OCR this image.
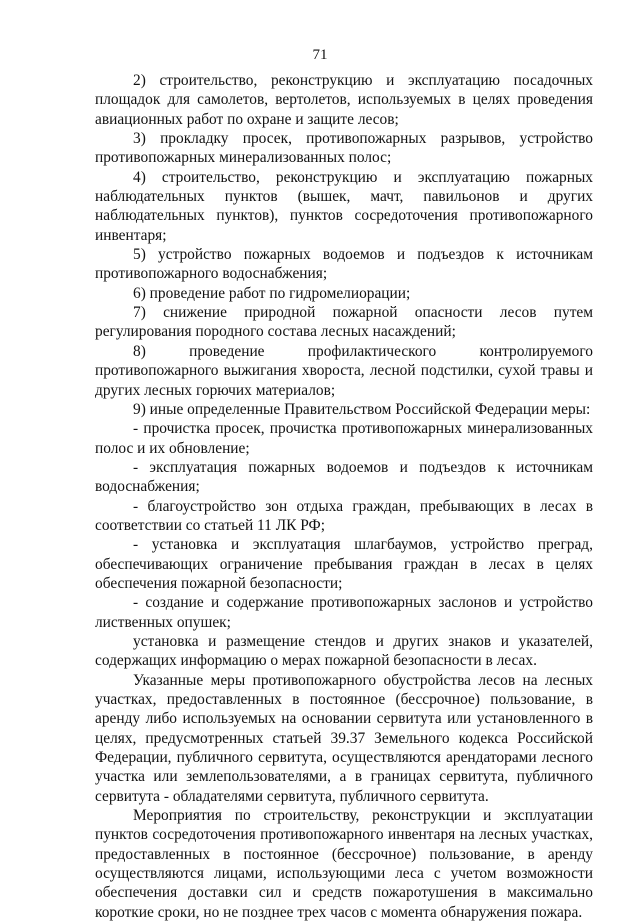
71

2) строительство, реконструкцию и эксплуатацию посадочных площадок для самолетов, вертолетов, используемых в целях проведения авиационных работ по охране и защите лесов;

3) прокладку просек, противопожарных разрывов, устройство противопожарных минерализованных полос;

4) строительство, реконструкцию и эксплуатацию пожарных наблюдательных пунктов (вышек, мачт, павильонов и других наблюдательных пунктов), пунктов сосредоточения противопожарного инвентаря;

5) устройство пожарных водоемов и подъездов к источникам противопожарного водоснабжения;

6) проведение работ по гидромелиорации;

7) снижение природной пожарной опасности лесов путем регулирования породного состава лесных насаждений;

8) проведение профилактического контролируемого противопожарного выжигания хвороста, лесной подстилки, сухой травы и других лесных горючих материалов;

9) иные определенные Правительством Российской Федерации меры:

- прочистка просек, прочистка противопожарных минерализованных полос и их обновление;

- эксплуатация пожарных водоемов и подъездов к источникам водоснабжения;

- благоустройство зон отдыха граждан, пребывающих в лесах в соответствии со статьей 11 ЛК РФ;

- установка и эксплуатация шлагбаумов, устройство преград, обеспечивающих ограничение пребывания граждан в лесах в целях обеспечения пожарной безопасности;

- создание и содержание противопожарных заслонов и устройство лиственных опушек;

установка и размещение стендов и других знаков и указателей, содержащих информацию о мерах пожарной безопасности в лесах.

Указанные меры противопожарного обустройства лесов на лесных участках, предоставленных в постоянное (бессрочное) пользование, в аренду либо используемых на основании сервитута или установленного в целях, предусмотренных статьей 39.37 Земельного кодекса Российской Федерации, публичного сервитута, осуществляются арендаторами лесного участка или землепользователями, а в границах сервитута, публичного сервитута - обладателями сервитута, публичного сервитута.

Мероприятия по строительству, реконструкции и эксплуатации пунктов сосредоточения противопожарного инвентаря на лесных участках, предоставленных в постоянное (бессрочное) пользование, в аренду осуществляются лицами, использующими леса с учетом возможности обеспечения доставки сил и средств пожаротушения в максимально короткие сроки, но не позднее трех часов с момента обнаружения пожара.
